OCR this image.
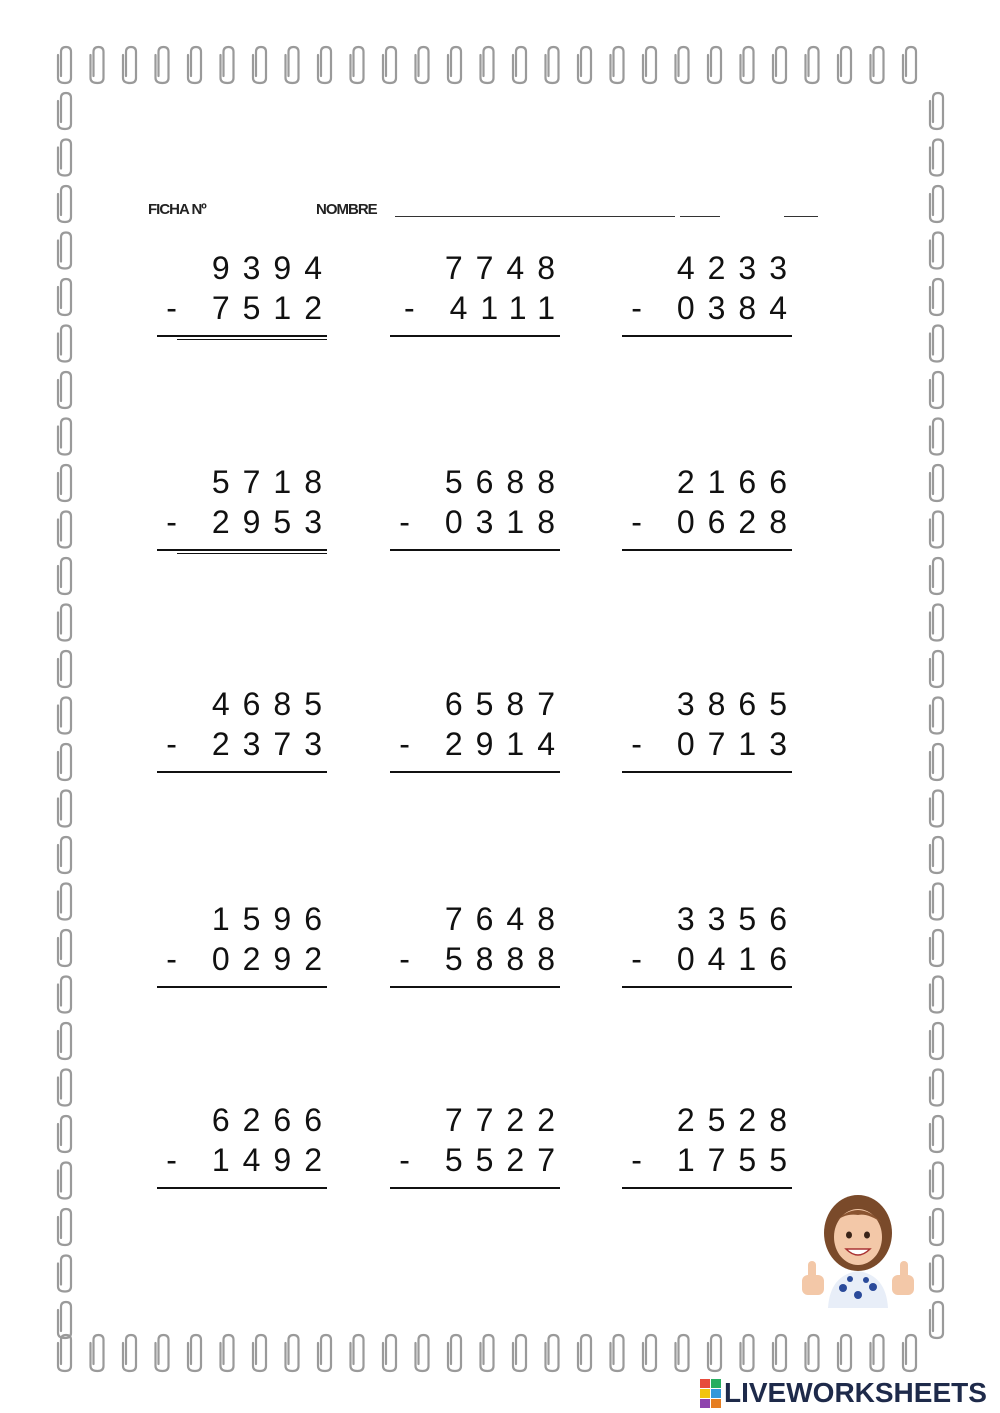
FICHA Nº	NOMBRE
9394
- 7512
7748
- 4111
4233
- 0384
5718
- 2953
5688
- 0318
2166
- 0628
4685
- 2373
6587
- 2914
3865
- 0713
1596
- 0292
7648
- 5888
3356
- 0416
6266
- 1492
7722
- 5527
2528
- 1755
LIVEWORKSHEETS
